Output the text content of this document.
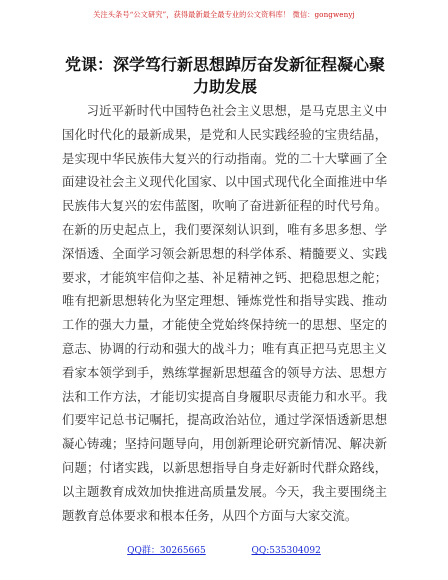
关注头条号“公文研究”，获得最新最全最专业的公文资料库！ 微信：gongwenyj
党课：深学笃行新思想踔厉奋发新征程凝心聚力助发展

习近平新时代中国特色社会主义思想，是马克思主义中国化时代化的最新成果，是党和人民实践经验的宝贵结晶，是实现中华民族伟大复兴的行动指南。党的二十大擘画了全面建设社会主义现代化国家、以中国式现代化全面推进中华民族伟大复兴的宏伟蓝图，吹响了奋进新征程的时代号角。在新的历史起点上，我们要深刻认识到，唯有多思多想、学深悟透、全面学习领会新思想的科学体系、精髓要义、实践要求，才能筑牢信仰之基、补足精神之钙、把稳思想之舵；唯有把新思想转化为坚定理想、锤炼党性和指导实践、推动工作的强大力量，才能使全党始终保持统一的思想、坚定的意志、协调的行动和强大的战斗力；唯有真正把马克思主义看家本领学到手，熟练掌握新思想蕴含的领导方法、思想方法和工作方法，才能切实提高自身履职尽责能力和水平。我们要牢记总书记嘱托，提高政治站位，通过学深悟透新思想凝心铸魂；坚持问题导向，用创新理论研究新情况、解决新问题；付诸实践，以新思想指导自身走好新时代群众路线，以主题教育成效加快推进高质量发展。今天，我主要围绕主题教育总体要求和根本任务，从四个方面与大家交流。

QQ群：30265665	QQ:535304092
